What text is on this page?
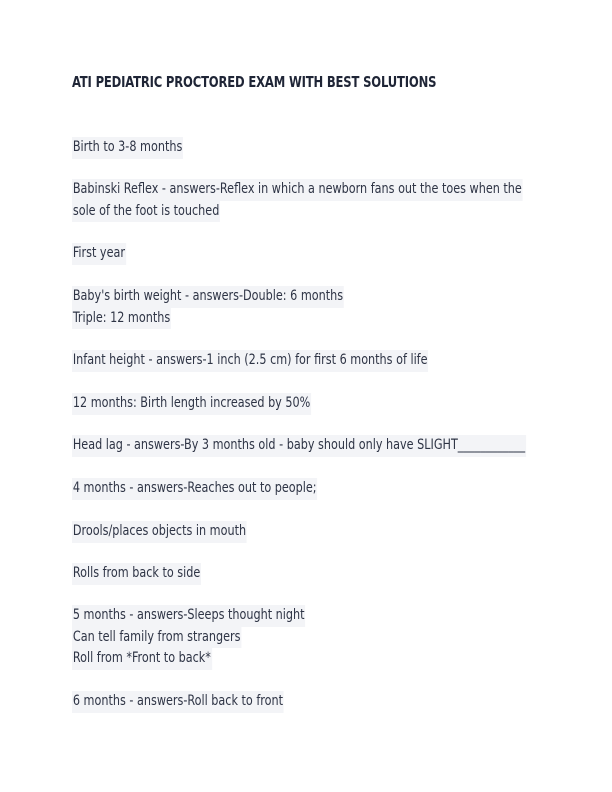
ATI PEDIATRIC PROCTORED EXAM WITH BEST SOLUTIONS
Birth to 3-8 months
Babinski Reflex - answers-Reflex in which a newborn fans out the toes when the
sole of the foot is touched
First year
Baby's birth weight - answers-Double: 6 months
Triple: 12 months
Infant height - answers-1 inch (2.5 cm) for first 6 months of life
12 months: Birth length increased by 50%
Head lag - answers-By 3 months old - baby should only have SLIGHT____________
4 months - answers-Reaches out to people;
Drools/places objects in mouth
Rolls from back to side
5 months - answers-Sleeps thought night
Can tell family from strangers
Roll from *Front to back*
6 months - answers-Roll back to front
